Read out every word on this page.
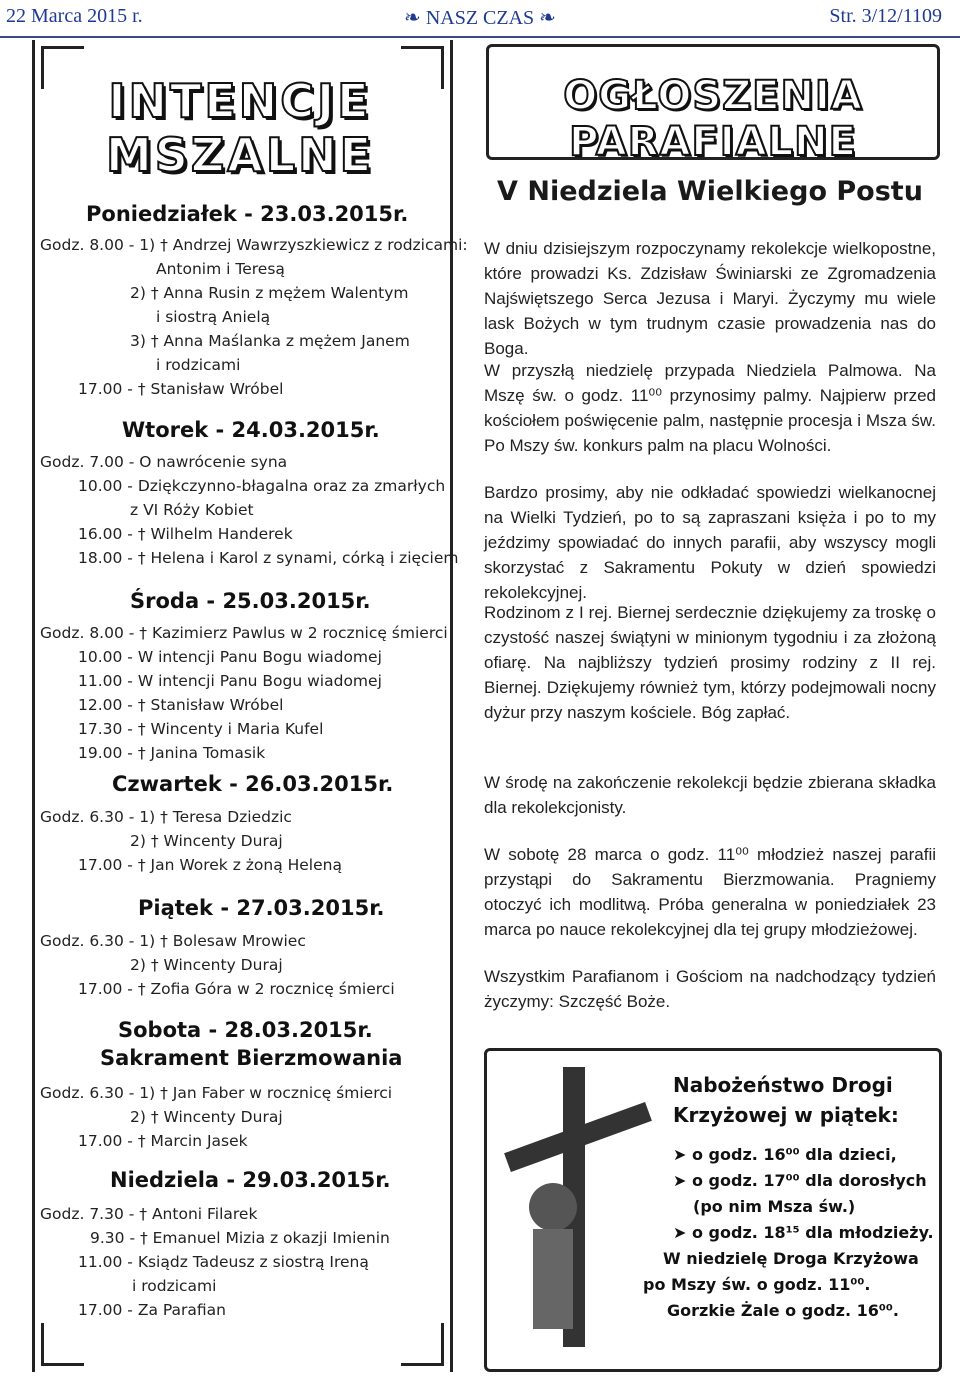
22 Marca 2015 r.	❧ NASZ CZAS ❧	Str. 3/12/1109
INTENCJE
MSZALNE
Poniedziałek - 23.03.2015r.
Godz. 8.00 - 1) † Andrzej Wawrzyszkiewicz z rodzicami:
Antonim i Teresą
2) † Anna Rusin z mężem Walentym
i siostrą Anielą
3) † Anna Maślanka z mężem Janem
i rodzicami
17.00 - † Stanisław Wróbel
Wtorek - 24.03.2015r.
Godz. 7.00 - O nawrócenie syna
10.00 - Dziękczynno-błagalna oraz za zmarłych
z VI Róży Kobiet
16.00 - † Wilhelm Handerek
18.00 - † Helena i Karol z synami, córką i zięciem
Środa - 25.03.2015r.
Godz. 8.00 - † Kazimierz Pawlus w 2 rocznicę śmierci
10.00 - W intencji Panu Bogu wiadomej
11.00 - W intencji Panu Bogu wiadomej
12.00 - † Stanisław Wróbel
17.30 - † Wincenty i Maria Kufel
19.00 - † Janina Tomasik
Czwartek - 26.03.2015r.
Godz. 6.30 - 1) † Teresa Dziedzic
2) † Wincenty Duraj
17.00 - † Jan Worek z żoną Heleną
Piątek - 27.03.2015r.
Godz. 6.30 - 1) † Bolesaw Mrowiec
2) † Wincenty Duraj
17.00 - † Zofia Góra w 2 rocznicę śmierci
Sobota - 28.03.2015r.
Sakrament Bierzmowania
Godz. 6.30 - 1) † Jan Faber w rocznicę śmierci
2) † Wincenty Duraj
17.00 - † Marcin Jasek
Niedziela - 29.03.2015r.
Godz. 7.30 - † Antoni Filarek
9.30 - † Emanuel Mizia z okazji Imienin
11.00 - Ksiądz Tadeusz z siostrą Ireną
i rodzicami
17.00 - Za Parafian
OGŁOSZENIA PARAFIALNE
V Niedziela Wielkiego Postu
W dniu dzisiejszym rozpoczynamy rekolekcje wielkopostne, które prowadzi Ks. Zdzisław Świniarski ze Zgromadzenia Najświętszego Serca Jezusa i Maryi. Życzymy mu wiele lask Bożych w tym trudnym czasie prowadzenia nas do Boga.
W przyszłą niedzielę przypada Niedziela Palmowa. Na Mszę św. o godz. 11⁰⁰ przynosimy palmy. Najpierw przed kościołem poświęcenie palm, następnie procesja i Msza św. Po Mszy św. konkurs palm na placu Wolności.
Bardzo prosimy, aby nie odkładać spowiedzi wielkanocnej na Wielki Tydzień, po to są zapraszani księża i po to my jeździmy spowiadać do innych parafii, aby wszyscy mogli skorzystać z Sakramentu Pokuty w dzień spowiedzi rekolekcyjnej.
Rodzinom z I rej. Biernej serdecznie dziękujemy za troskę o czystość naszej świątyni w minionym tygodniu i za złożoną ofiarę. Na najbliższy tydzień prosimy rodziny z II rej. Biernej. Dziękujemy również tym, którzy podejmowali nocny dyżur przy naszym kościele. Bóg zapłać.
W środę na zakończenie rekolekcji będzie zbierana składka dla rekolekcjonisty.
W sobotę 28 marca o godz. 11⁰⁰ młodzież naszej parafii przystąpi do Sakramentu Bierzmowania. Pragniemy otoczyć ich modlitwą. Próba generalna w poniedziałek 23 marca po nauce rekolekcyjnej dla tej grupy młodzieżowej.
Wszystkim Parafianom i Gościom na nadchodzący tydzień życzymy: Szczęść Boże.
Nabożeństwo Drogi
Krzyżowej w piątek:
➤ o godz. 16⁰⁰ dla dzieci,
➤ o godz. 17⁰⁰ dla dorosłych
(po nim Msza św.)
➤ o godz. 18¹⁵ dla młodzieży.
W niedzielę Droga Krzyżowa
po Mszy św. o godz. 11⁰⁰.
Gorzkie Żale o godz. 16⁰⁰.
